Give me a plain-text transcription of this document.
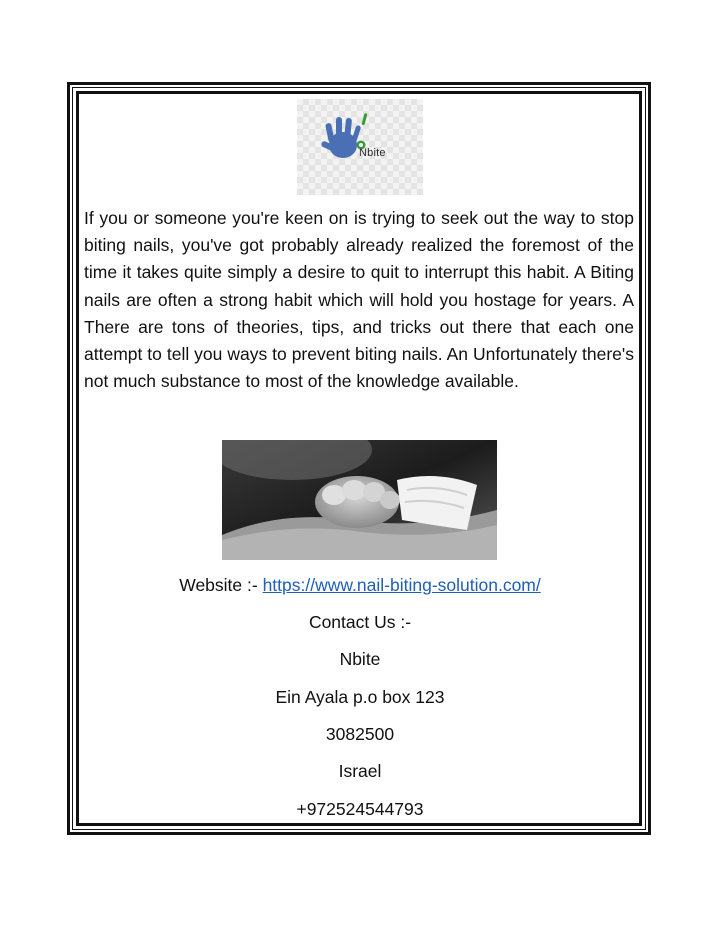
Nbite

If you or someone you're keen on is trying to seek out the way to stop biting nails, you've got probably already realized the foremost of the time it takes quite simply a desire to quit to interrupt this habit. A Biting nails are often a strong habit which will hold you hostage for years. A There are tons of theories, tips, and tricks out there that each one attempt to tell you ways to prevent biting nails. An Unfortunately there's not much substance to most of the knowledge available.

Website :- https://www.nail-biting-solution.com/
Contact Us :-
Nbite
Ein Ayala p.o box 123
3082500
Israel
+972524544793
